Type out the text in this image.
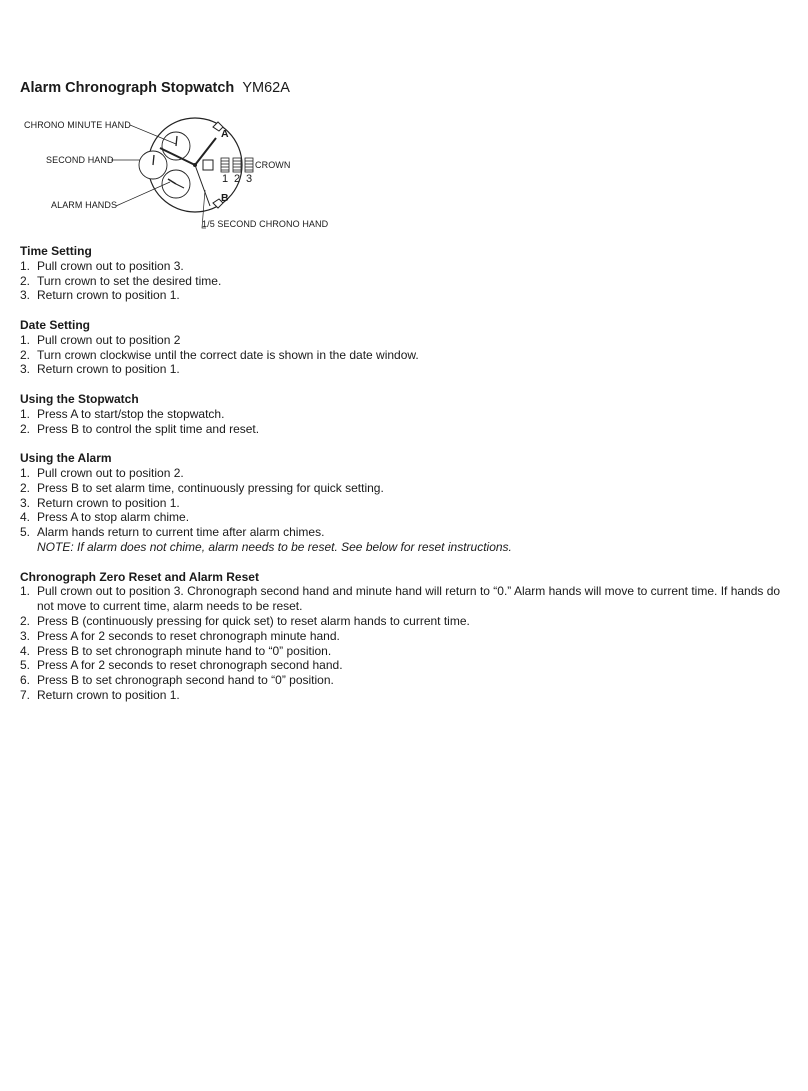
Alarm Chronograph Stopwatch YM62A
CHRONO MINUTE HAND
SECOND HAND
ALARM HANDS
CROWN
1/5 SECOND CHRONO HAND
A
B
1 2 3
Time Setting
1. Pull crown out to position 3.
2. Turn crown to set the desired time.
3. Return crown to position 1.
Date Setting
1. Pull crown out to position 2
2. Turn crown clockwise until the correct date is shown in the date window.
3. Return crown to position 1.
Using the Stopwatch
1. Press A to start/stop the stopwatch.
2. Press B to control the split time and reset.
Using the Alarm
1. Pull crown out to position 2.
2. Press B to set alarm time, continuously pressing for quick setting.
3. Return crown to position 1.
4. Press A to stop alarm chime.
5. Alarm hands return to current time after alarm chimes.
NOTE: If alarm does not chime, alarm needs to be reset. See below for reset instructions.
Chronograph Zero Reset and Alarm Reset
1. Pull crown out to position 3. Chronograph second hand and minute hand will return to “0.” Alarm hands will move to current time. If hands do not move to current time, alarm needs to be reset.
2. Press B (continuously pressing for quick set) to reset alarm hands to current time.
3. Press A for 2 seconds to reset chronograph minute hand.
4. Press B to set chronograph minute hand to “0” position.
5. Press A for 2 seconds to reset chronograph second hand.
6. Press B to set chronograph second hand to “0” position.
7. Return crown to position 1.
